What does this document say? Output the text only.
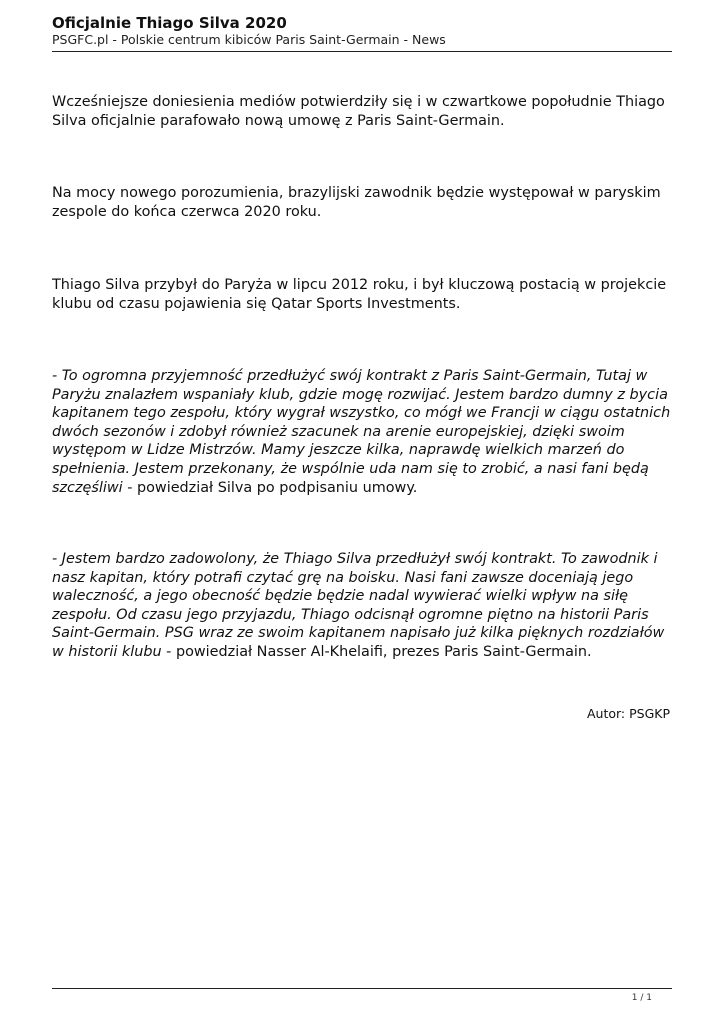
Oficjalnie Thiago Silva 2020
PSGFC.pl - Polskie centrum kibiców Paris Saint-Germain - News

Wcześniejsze doniesienia mediów potwierdziły się i w czwartkowe popołudnie Thiago Silva oficjalnie parafowało nową umowę z Paris Saint-Germain.

Na mocy nowego porozumienia, brazylijski zawodnik będzie występował w paryskim zespole do końca czerwca 2020 roku.

Thiago Silva przybył do Paryża w lipcu 2012 roku, i był kluczową postacią w projekcie klubu od czasu pojawienia się Qatar Sports Investments.

- To ogromna przyjemność przedłużyć swój kontrakt z Paris Saint-Germain, Tutaj w Paryżu znalazłem wspaniały klub, gdzie mogę rozwijać. Jestem bardzo dumny z bycia kapitanem tego zespołu, który wygrał wszystko, co mógł we Francji w ciągu ostatnich dwóch sezonów i zdobył również szacunek na arenie europejskiej, dzięki swoim występom w Lidze Mistrzów. Mamy jeszcze kilka, naprawdę wielkich marzeń do spełnienia. Jestem przekonany, że wspólnie uda nam się to zrobić, a nasi fani będą szczęśliwi - powiedział Silva po podpisaniu umowy.

- Jestem bardzo zadowolony, że Thiago Silva przedłużył swój kontrakt. To zawodnik i nasz kapitan, który potrafi czytać grę na boisku. Nasi fani zawsze doceniają jego waleczność, a jego obecność będzie będzie nadal wywierać wielki wpływ na siłę zespołu. Od czasu jego przyjazdu, Thiago odcisnął ogromne piętno na historii Paris Saint-Germain. PSG wraz ze swoim kapitanem napisało już kilka pięknych rozdziałów w historii klubu - powiedział Nasser Al-Khelaifi, prezes Paris Saint-Germain.

Autor: PSGKP
1 / 1
